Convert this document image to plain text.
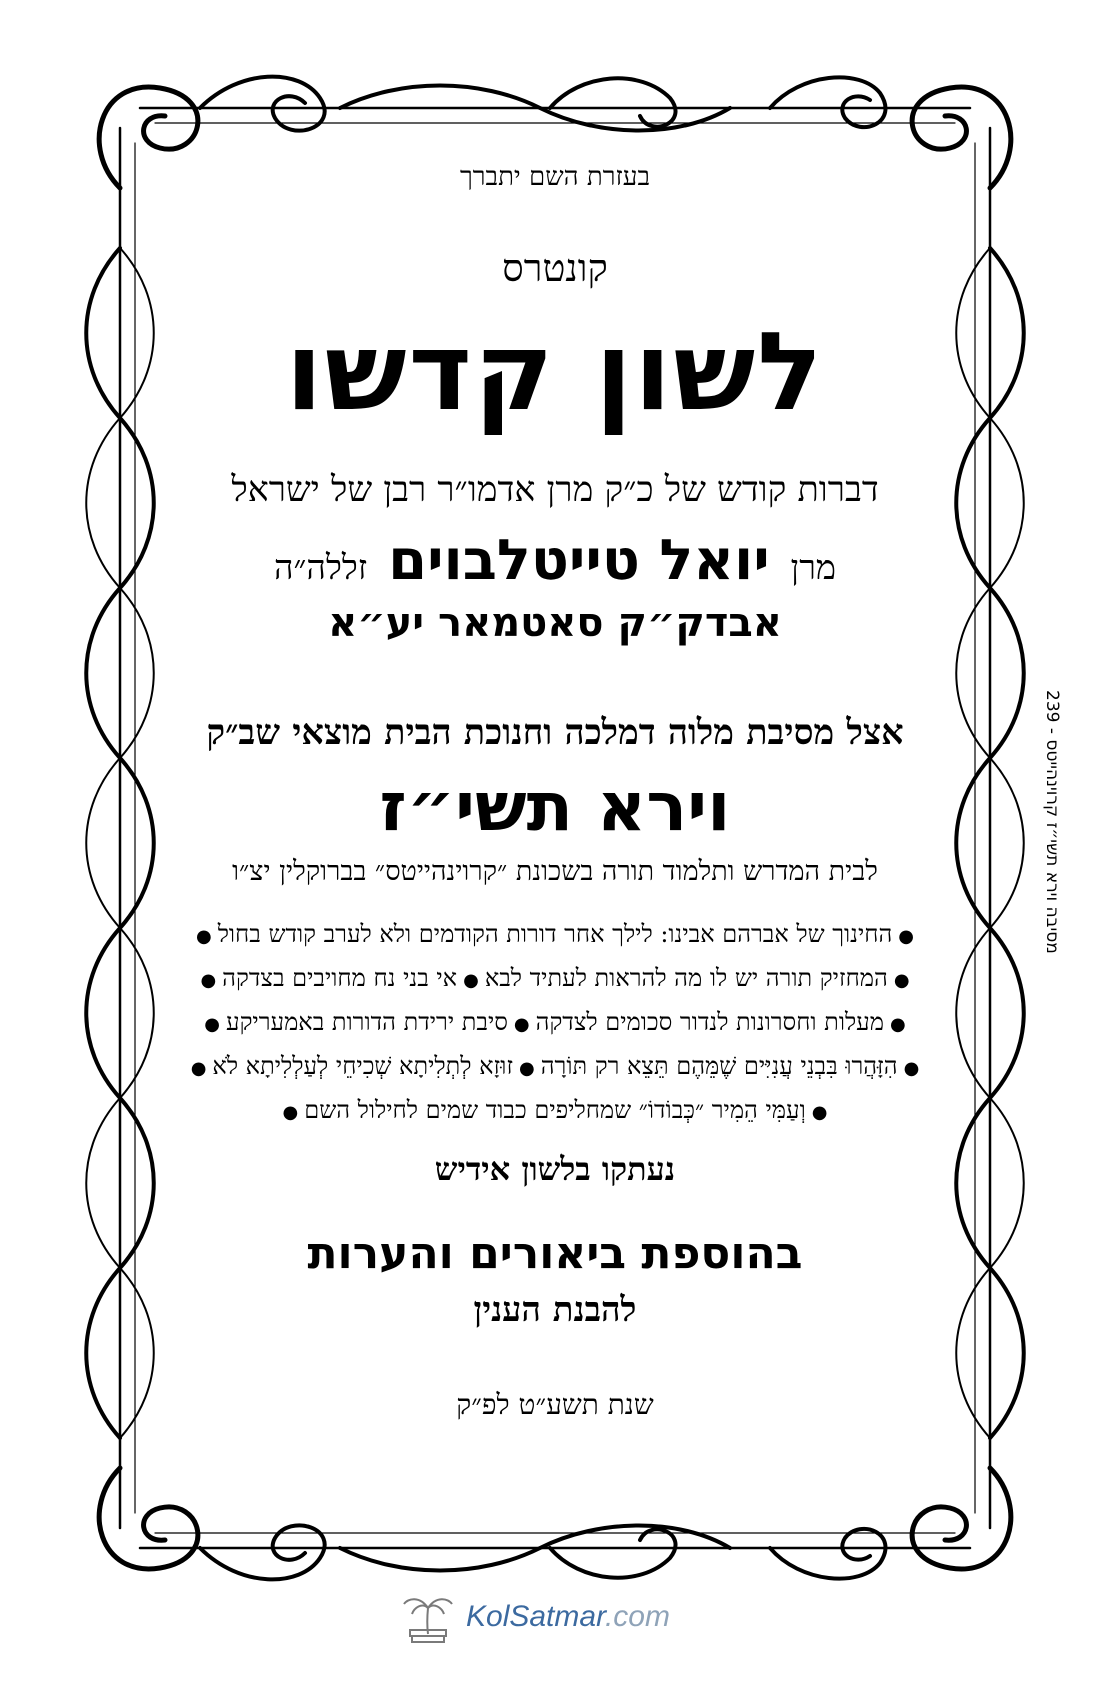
בעזרת השם יתברך
קונטרס
לשון קדשו
דברות קודש של כ״ק מרן אדמו״ר רבן של ישראל
מרן יואל טייטלבוים זללה״ה
אבדק״ק סאטמאר יע״א
אצל מסיבת מלוה דמלכה וחנוכת הבית מוצאי שב״ק
וירא תשי״ז
לבית המדרש ותלמוד תורה בשכונת ״קרוינהייטס״ בברוקלין יצ״ו
●החינוך של אברהם אבינו: לילך אחר דורות הקודמים ולא לערב קודש בחול●
●המחזיק תורה יש לו מה להראות לעתיד לבא●אי בני נח מחויבים בצדקה●
●מעלות וחסרונות לנדור סכומים לצדקה●סיבת ירידת הדורות באמעריקע●
●הִזָּהֲרוּ בִּבְנֵי עֲנִיִּים שֶׁמֵּהֶם תֵּצֵא רק תּוֹרָה●זוּזָא לְתְלִיתָא שְׁכִיחֵי לְעַלְלִיתָא לֹא●
●וְעַמִּי הֵמִיר ״כְּבוֹדוֹ״ שמחליפים כבוד שמים לחילול השם●
נעתקו בלשון אידיש
בהוספת ביאורים והערות
להבנת הענין
שנת תשע״ט לפ״ק
מסיבה וירא תשי״ז קרוינהייטס - 239
KolSatmar.com
